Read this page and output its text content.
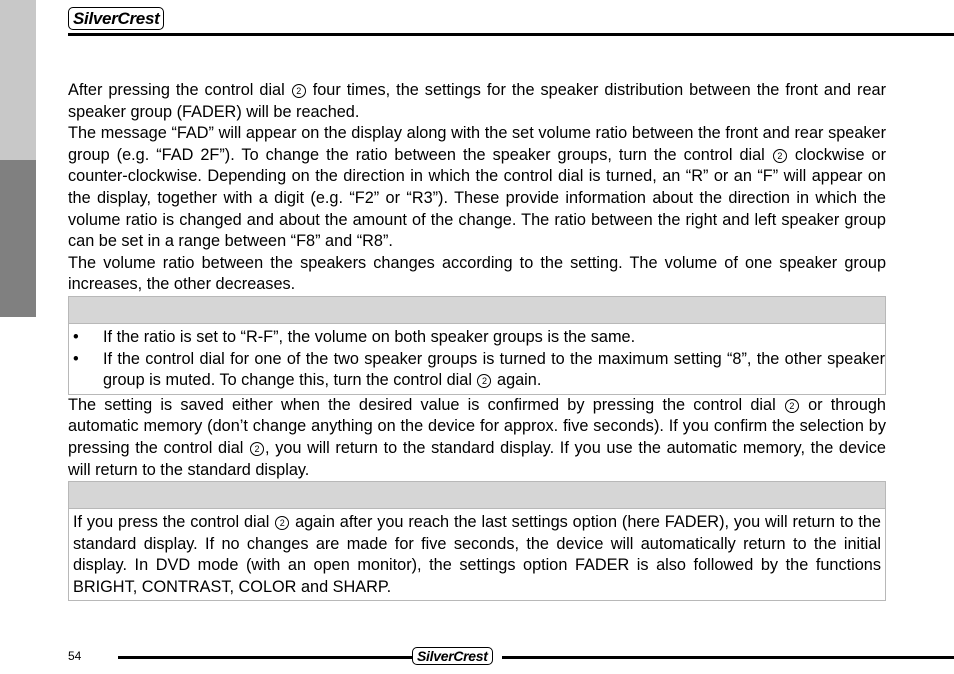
SilverCrest

After pressing the control dial 2 four times, the settings for the speaker distribution between the front and rear speaker group (FADER) will be reached.

The message “FAD” will appear on the display along with the set volume ratio between the front and rear speaker group (e.g. “FAD 2F”). To change the ratio between the speaker groups, turn the control dial 2 clockwise or counter-clockwise. Depending on the direction in which the control dial is turned, an “R” or an “F” will appear on the display, together with a digit (e.g. “F2” or “R3”). These provide information about the direction in which the volume ratio is changed and about the amount of the change. The ratio between the right and left speaker group can be set in a range between “F8” and “R8”.

The volume ratio between the speakers changes according to the setting. The volume of one speaker group increases, the other decreases.

• If the ratio is set to “R-F”, the volume on both speaker groups is the same.
• If the control dial for one of the two speaker groups is turned to the maximum setting “8”, the other speaker group is muted. To change this, turn the control dial 2 again.

The setting is saved either when the desired value is confirmed by pressing the control dial 2 or through automatic memory (don’t change anything on the device for approx. five seconds). If you confirm the selection by pressing the control dial 2 , you will return to the standard display. If you use the automatic memory, the device will return to the standard display.

If you press the control dial 2 again after you reach the last settings option (here FADER), you will return to the standard display. If no changes are made for five seconds, the device will automatically return to the initial display. In DVD mode (with an open monitor), the settings option FADER is also followed by the functions BRIGHT, CONTRAST, COLOR and SHARP.
54	SilverCrest
